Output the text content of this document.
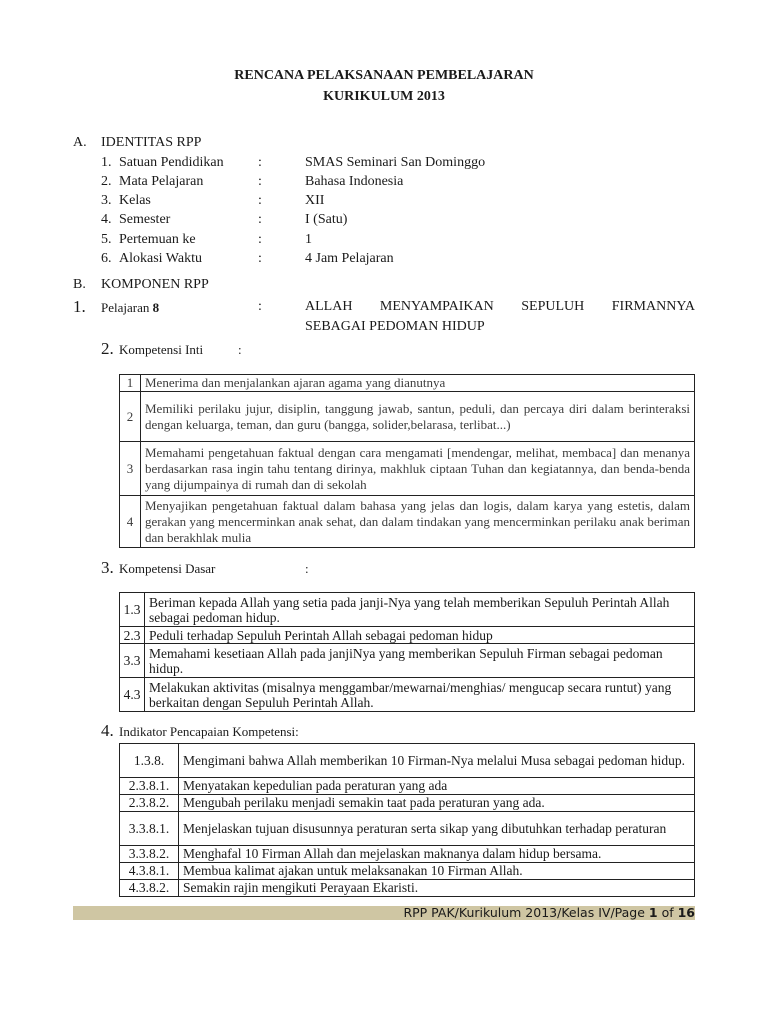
RENCANA PELAKSANAAN PEMBELAJARAN
KURIKULUM 2013
A. IDENTITAS RPP
1. Satuan Pendidikan :	SMAS Seminari San Dominggo
2. Mata Pelajaran	:	Bahasa Indonesia
3. Kelas	:	XII
4. Semester	:	I (Satu)
5. Pertemuan ke	:	1
6. Alokasi Waktu	:	4 Jam Pelajaran
B. KOMPONEN RPP
1. Pelajaran 8	:	ALLAH MENYAMPAIKAN SEPULUH FIRMANNYA
SEBAGAI PEDOMAN HIDUP
2. Kompetensi Inti	:
1	Menerima dan menjalankan ajaran agama yang dianutnya
2	Memiliki perilaku jujur, disiplin, tanggung jawab, santun, peduli, dan percaya diri dalam berinteraksi dengan keluarga, teman, dan guru (bangga, solider,belarasa, terlibat...)
3	Memahami pengetahuan faktual dengan cara mengamati [mendengar, melihat, membaca] dan menanya berdasarkan rasa ingin tahu tentang dirinya, makhluk ciptaan Tuhan dan kegiatannya, dan benda-benda yang dijumpainya di rumah dan di sekolah
4	Menyajikan pengetahuan faktual dalam bahasa yang jelas dan logis, dalam karya yang estetis, dalam gerakan yang mencerminkan anak sehat, dan dalam tindakan yang mencerminkan perilaku anak beriman dan berakhlak mulia
3. Kompetensi Dasar	:
1.3	Beriman kepada Allah yang setia pada janji-Nya yang telah memberikan Sepuluh Perintah Allah sebagai pedoman hidup.
2.3	Peduli terhadap Sepuluh Perintah Allah sebagai pedoman hidup
3.3	Memahami kesetiaan Allah pada janjiNya yang memberikan Sepuluh Firman sebagai pedoman hidup.
4.3	Melakukan aktivitas (misalnya menggambar/mewarnai/menghias/ mengucap secara runtut) yang berkaitan dengan Sepuluh Perintah Allah.
4. Indikator Pencapaian Kompetensi:
1.3.8.	Mengimani bahwa Allah memberikan 10 Firman-Nya melalui Musa sebagai pedoman hidup.
2.3.8.1.	Menyatakan kepedulian pada peraturan yang ada
2.3.8.2.	Mengubah perilaku menjadi semakin taat pada peraturan yang ada.
3.3.8.1.	Menjelaskan tujuan disusunnya peraturan serta sikap yang dibutuhkan terhadap peraturan
3.3.8.2.	Menghafal 10 Firman Allah dan mejelaskan maknanya dalam hidup bersama.
4.3.8.1.	Membua kalimat ajakan untuk melaksanakan 10 Firman Allah.
4.3.8.2.	Semakin rajin mengikuti Perayaan Ekaristi.
RPP PAK/Kurikulum 2013/Kelas IV/Page 1 of 16
